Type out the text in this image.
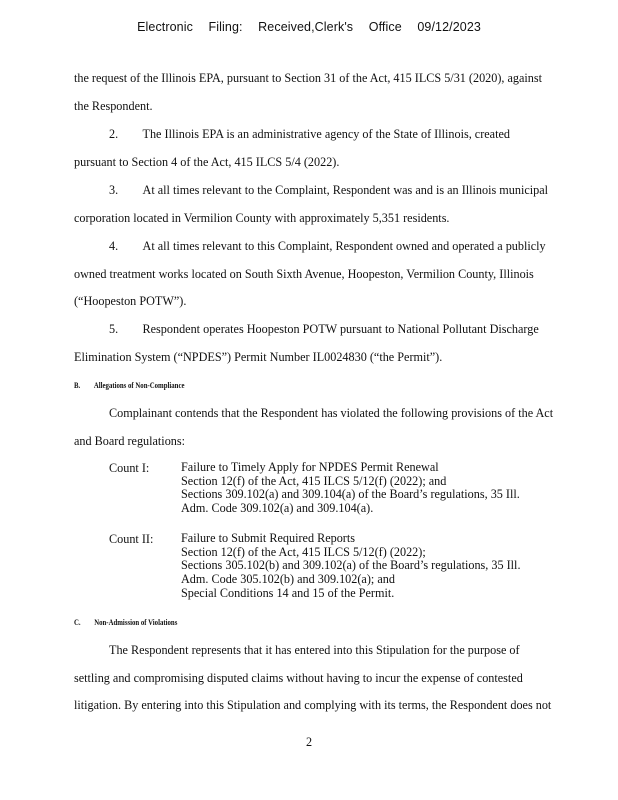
Electronic Filing: Received,Clerk's Office 09/12/2023
the request of the Illinois EPA, pursuant to Section 31 of the Act, 415 ILCS 5/31 (2020), against
the Respondent.
2.  The Illinois EPA is an administrative agency of the State of Illinois, created
pursuant to Section 4 of the Act, 415 ILCS 5/4 (2022).
3.  At all times relevant to the Complaint, Respondent was and is an Illinois municipal
corporation located in Vermilion County with approximately 5,351 residents.
4.  At all times relevant to this Complaint, Respondent owned and operated a publicly
owned treatment works located on South Sixth Avenue, Hoopeston, Vermilion County, Illinois
(“Hoopeston POTW”).
5.  Respondent operates Hoopeston POTW pursuant to National Pollutant Discharge
Elimination System (“NPDES”) Permit Number IL0024830 (“the Permit”).
B.  Allegations of Non-Compliance
Complainant contends that the Respondent has violated the following provisions of the Act
and Board regulations:
Count I:	Failure to Timely Apply for NPDES Permit Renewal
Section 12(f) of the Act, 415 ILCS 5/12(f) (2022); and
Sections 309.102(a) and 309.104(a) of the Board’s regulations, 35 Ill.
Adm. Code 309.102(a) and 309.104(a).
Count II: Failure to Submit Required Reports
Section 12(f) of the Act, 415 ILCS 5/12(f) (2022);
Sections 305.102(b) and 309.102(a) of the Board’s regulations, 35 Ill.
Adm. Code 305.102(b) and 309.102(a); and
Special Conditions 14 and 15 of the Permit.
C.  Non-Admission of Violations
The Respondent represents that it has entered into this Stipulation for the purpose of
settling and compromising disputed claims without having to incur the expense of contested
litigation. By entering into this Stipulation and complying with its terms, the Respondent does not
2
